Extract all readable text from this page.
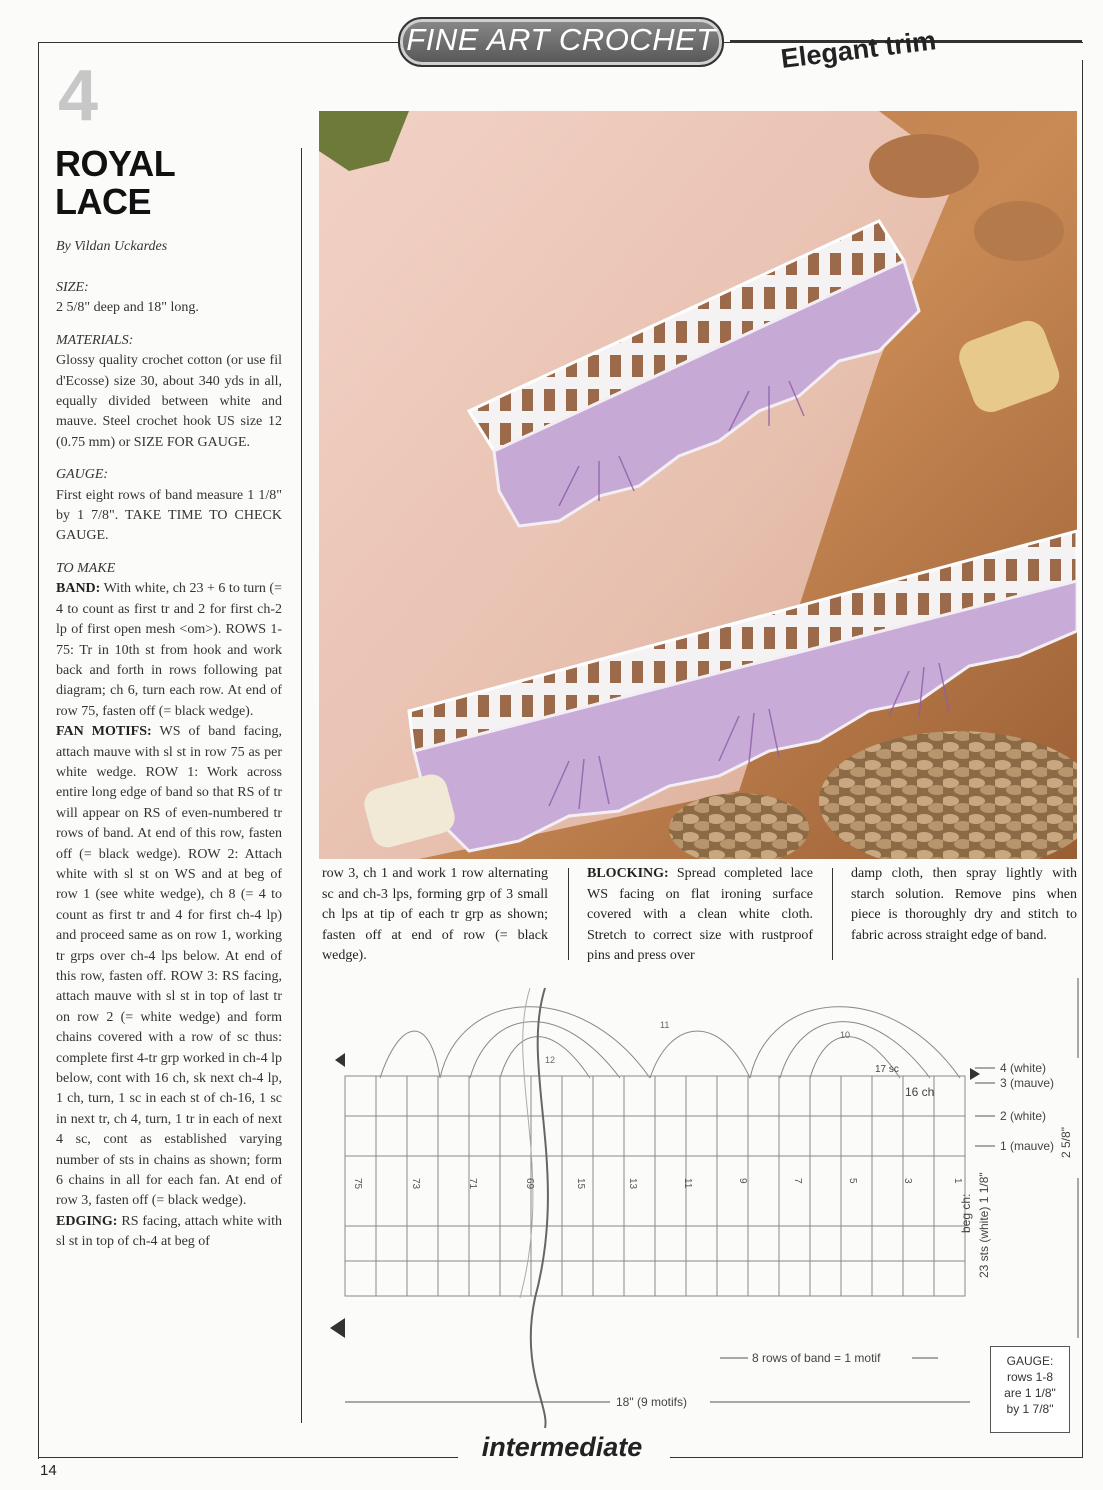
FINE ART CROCHET	Elegant trim
4
ROYAL
LACE
By Vildan Uckardes

SIZE:
2 5/8" deep and 18" long.

MATERIALS:
Glossy quality crochet cotton (or use fil d'Ecosse) size 30, about 340 yds in all, equally divided between white and mauve. Steel crochet hook US size 12 (0.75 mm) or SIZE FOR GAUGE.

GAUGE:
First eight rows of band measure 1 1/8" by 1 7/8". TAKE TIME TO CHECK GAUGE.

TO MAKE
BAND: With white, ch 23 + 6 to turn (= 4 to count as first tr and 2 for first ch-2 lp of first open mesh <om>). ROWS 1-75: Tr in 10th st from hook and work back and forth in rows following pat diagram; ch 6, turn each row. At end of row 75, fasten off (= black wedge).
FAN MOTIFS: WS of band facing, attach mauve with sl st in row 75 as per white wedge. ROW 1: Work across entire long edge of band so that RS of tr will appear on RS of even-numbered tr rows of band. At end of this row, fasten off (= black wedge). ROW 2: Attach white with sl st on WS and at beg of row 1 (see white wedge), ch 8 (= 4 to count as first tr and 4 for first ch-4 lp) and proceed same as on row 1, working tr grps over ch-4 lps below. At end of this row, fasten off. ROW 3: RS facing, attach mauve with sl st in top of last tr on row 2 (= white wedge) and form chains covered with a row of sc thus: complete first 4-tr grp worked in ch-4 lp below, cont with 16 ch, sk next ch-4 lp, 1 ch, turn, 1 sc in each st of ch-16, 1 sc in next tr, ch 4, turn, 1 tr in each of next 4 sc, cont as established varying number of sts in chains as shown; form 6 chains in all for each fan. At end of row 3, fasten off (= black wedge).
EDGING: RS facing, attach white with sl st in top of ch-4 at beg of

row 3, ch 1 and work 1 row alternating sc and ch-3 lps, forming grp of 3 small ch lps at tip of each tr grp as shown; fasten off at end of row (= black wedge).
BLOCKING: Spread completed lace WS facing on flat ironing surface covered with a clean white cloth. Stretch to correct size with rustproof pins and press over
damp cloth, then spray lightly with starch solution. Remove pins when piece is thoroughly dry and stitch to fabric across straight edge of band.
4 (white)
3 (mauve)
2 (white)
1 (mauve)
16 ch
17 sc
12
11
10
75	73	71	69	15	13	11	9	7	5	3	1
beg ch: 23 sts (white) 1 1/8"
2 5/8"
8 rows of band = 1 motif
18" (9 motifs)
GAUGE:
rows 1-8
are 1 1/8"
by 1 7/8"
intermediate
14
